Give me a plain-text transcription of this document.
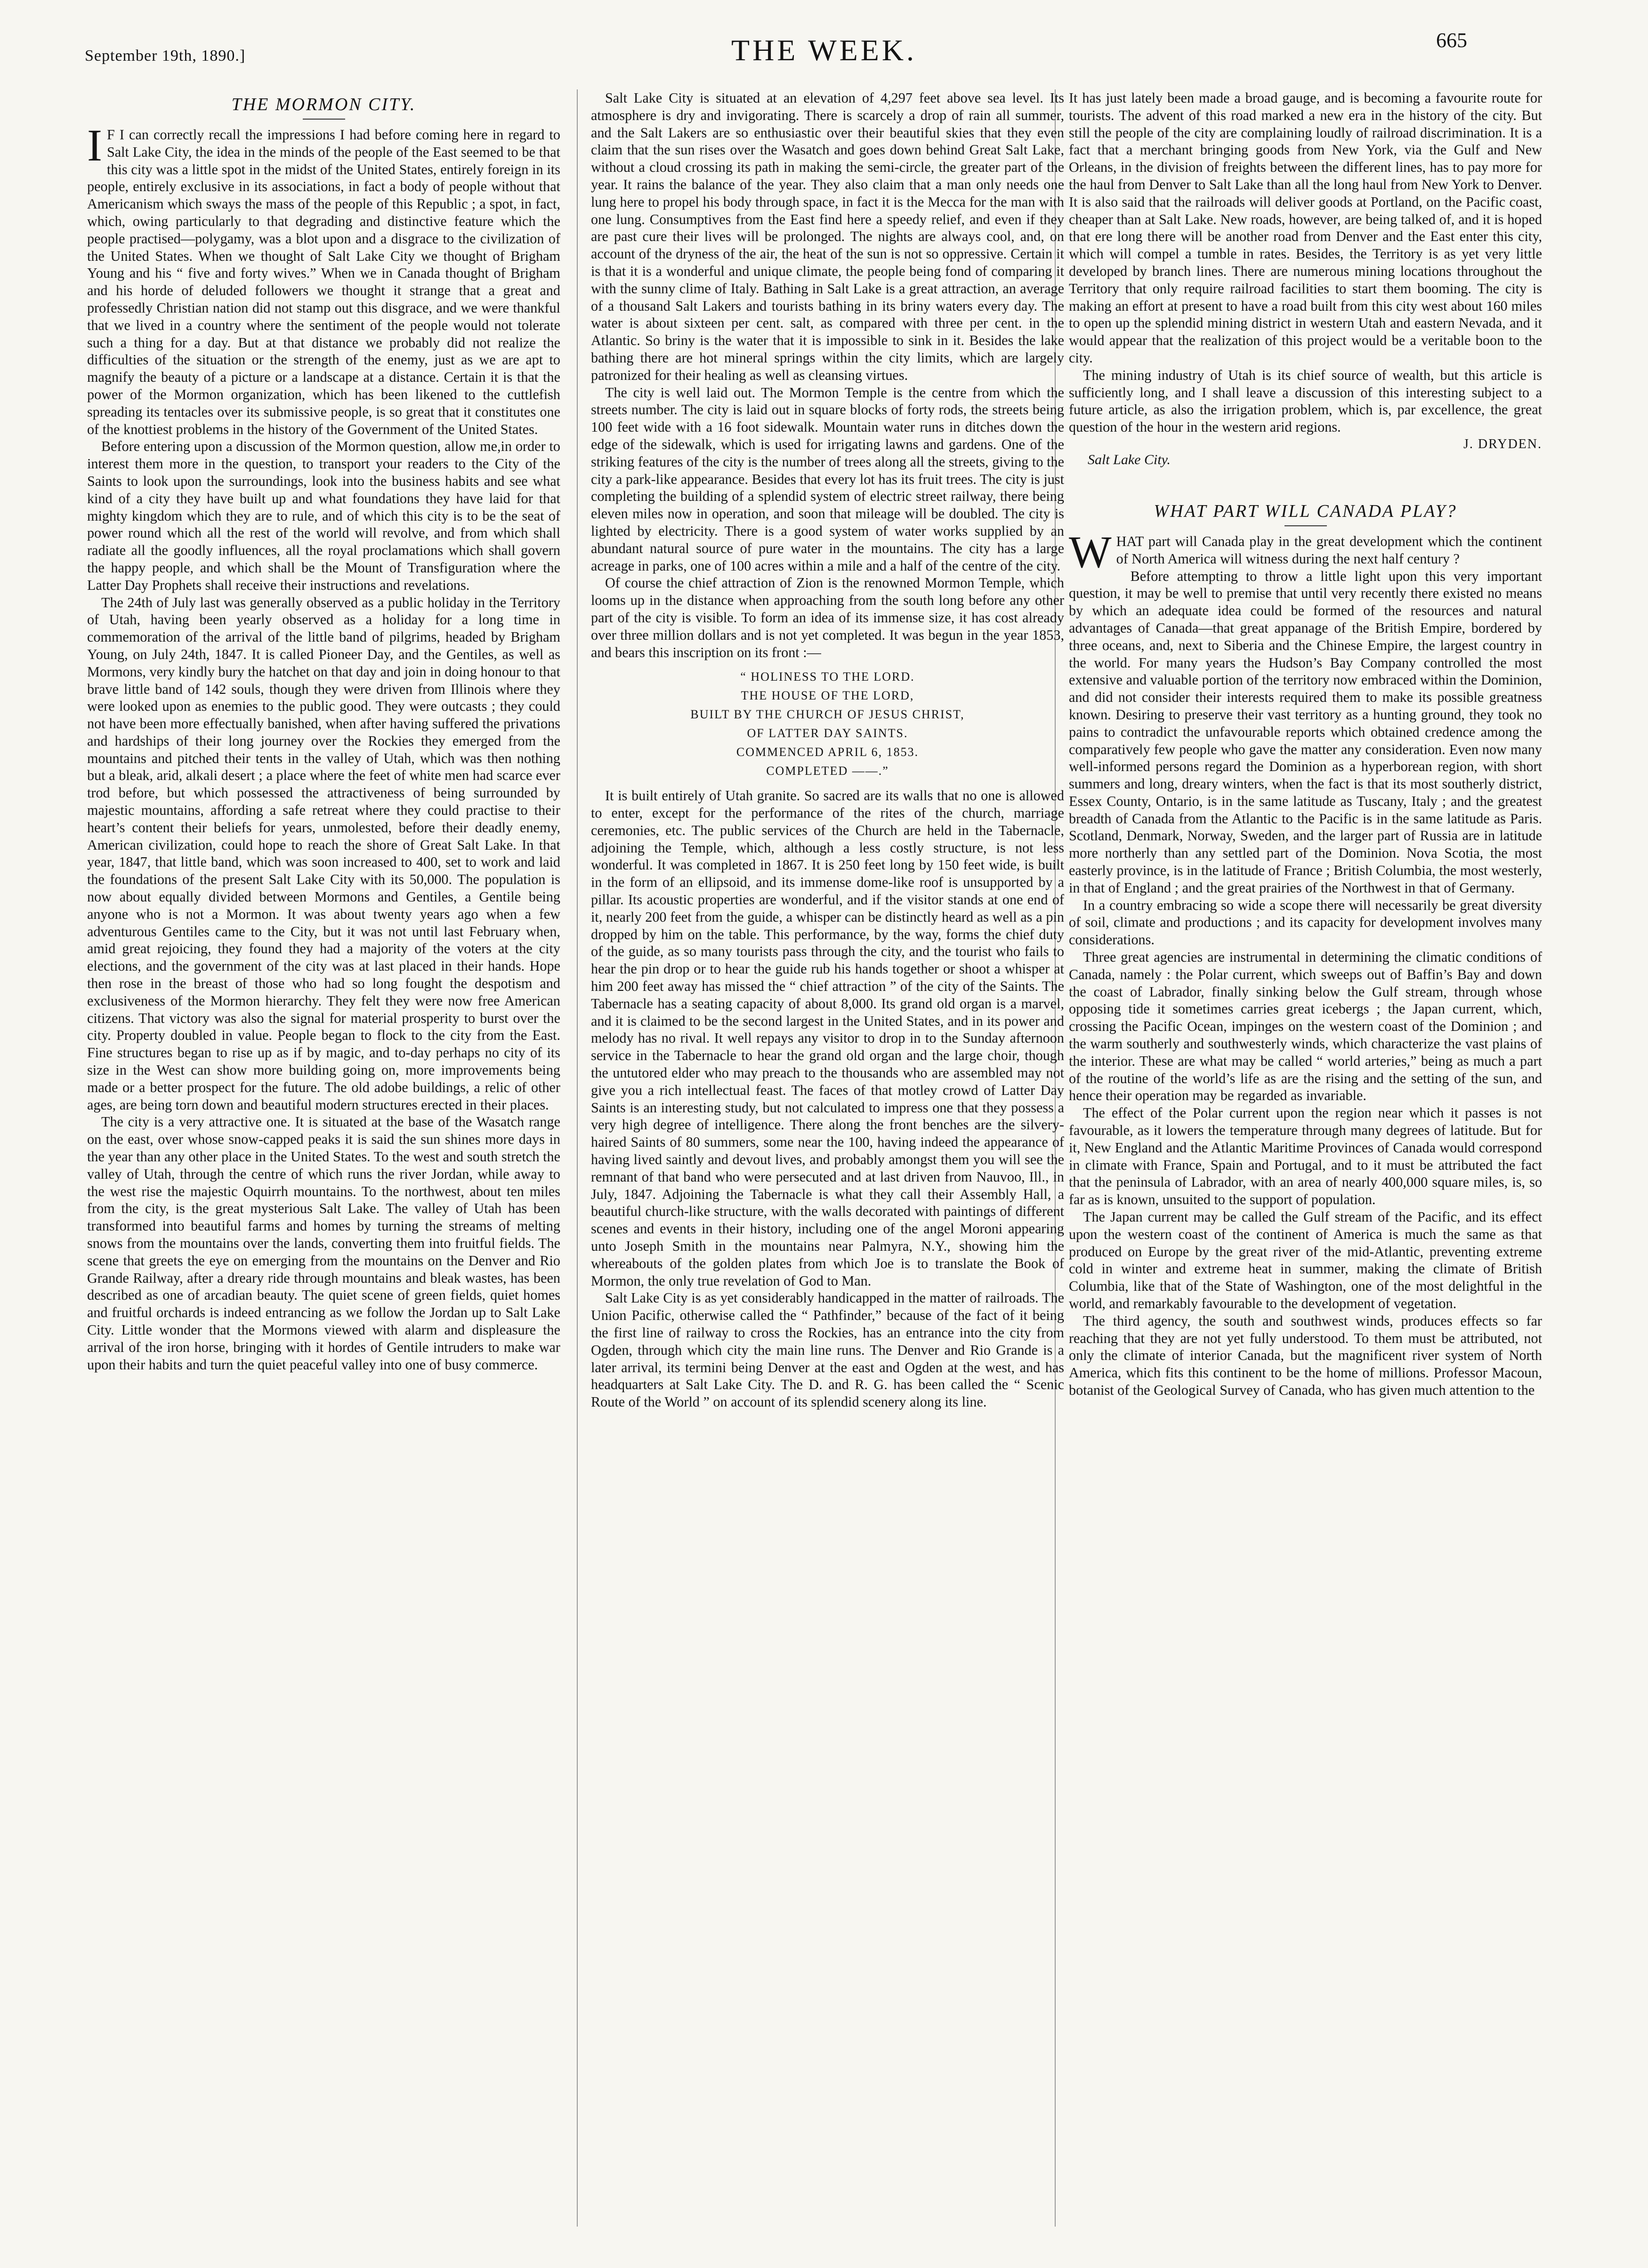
September 19th, 1890.]	THE WEEK.	665
THE MORMON CITY.

I F I can correctly recall the impressions I had before coming here in regard to Salt Lake City, the idea in the minds of the people of the East seemed to be that this city was a little spot in the midst of the United States, entirely foreign in its people, entirely exclusive in its associations, in fact a body of people without that Americanism which sways the mass of the people of this Republic ; a spot, in fact, which, owing particularly to that degrading and distinctive feature which the people practised—polygamy, was a blot upon and a disgrace to the civilization of the United States. When we thought of Salt Lake City we thought of Brigham Young and his “ five and forty wives.” When we in Canada thought of Brigham and his horde of deluded followers we thought it strange that a great and professedly Christian nation did not stamp out this disgrace, and we were thankful that we lived in a country where the sentiment of the people would not tolerate such a thing for a day. But at that distance we probably did not realize the difficulties of the situation or the strength of the enemy, just as we are apt to magnify the beauty of a picture or a landscape at a distance. Certain it is that the power of the Mormon organization, which has been likened to the cuttlefish spreading its tentacles over its submissive people, is so great that it constitutes one of the knottiest problems in the history of the Government of the United States.

Before entering upon a discussion of the Mormon question, allow me,in order to interest them more in the question, to transport your readers to the City of the Saints to look upon the surroundings, look into the business habits and see what kind of a city they have built up and what foundations they have laid for that mighty kingdom which they are to rule, and of which this city is to be the seat of power round which all the rest of the world will revolve, and from which shall radiate all the goodly influences, all the royal proclamations which shall govern the happy people, and which shall be the Mount of Transfiguration where the Latter Day Prophets shall receive their instructions and revelations.

The 24th of July last was generally observed as a public holiday in the Territory of Utah, having been yearly observed as a holiday for a long time in commemoration of the arrival of the little band of pilgrims, headed by Brigham Young, on July 24th, 1847. It is called Pioneer Day, and the Gentiles, as well as Mormons, very kindly bury the hatchet on that day and join in doing honour to that brave little band of 142 souls, though they were driven from Illinois where they were looked upon as enemies to the public good. They were outcasts ; they could not have been more effectually banished, when after having suffered the privations and hardships of their long journey over the Rockies they emerged from the mountains and pitched their tents in the valley of Utah, which was then nothing but a bleak, arid, alkali desert ; a place where the feet of white men had scarce ever trod before, but which possessed the attractiveness of being surrounded by majestic mountains, affording a safe retreat where they could practise to their heart’s content their beliefs for years, unmolested, before their deadly enemy, American civilization, could hope to reach the shore of Great Salt Lake. In that year, 1847, that little band, which was soon increased to 400, set to work and laid the foundations of the present Salt Lake City with its 50,000. The population is now about equally divided between Mormons and Gentiles, a Gentile being anyone who is not a Mormon. It was about twenty years ago when a few adventurous Gentiles came to the City, but it was not until last February when, amid great rejoicing, they found they had a majority of the voters at the city elections, and the government of the city was at last placed in their hands. Hope then rose in the breast of those who had so long fought the despotism and exclusiveness of the Mormon hierarchy. They felt they were now free American citizens. That victory was also the signal for material prosperity to burst over the city. Property doubled in value. People began to flock to the city from the East. Fine structures began to rise up as if by magic, and to-day perhaps no city of its size in the West can show more building going on, more improvements being made or a better prospect for the future. The old adobe buildings, a relic of other ages, are being torn down and beautiful modern structures erected in their places.

The city is a very attractive one. It is situated at the base of the Wasatch range on the east, over whose snow-capped peaks it is said the sun shines more days in the year than any other place in the United States. To the west and south stretch the valley of Utah, through the centre of which runs the river Jordan, while away to the west rise the majestic Oquirrh mountains. To the northwest, about ten miles from the city, is the great mysterious Salt Lake. The valley of Utah has been transformed into beautiful farms and homes by turning the streams of melting snows from the mountains over the lands, converting them into fruitful fields. The scene that greets the eye on emerging from the mountains on the Denver and Rio Grande Railway, after a dreary ride through mountains and bleak wastes, has been described as one of arcadian beauty. The quiet scene of green fields, quiet homes and fruitful orchards is indeed entrancing as we follow the Jordan up to Salt Lake City. Little wonder that the Mormons viewed with alarm and displeasure the arrival of the iron horse, bringing with it hordes of Gentile intruders to make war upon their habits and turn the quiet peaceful valley into one of busy commerce.

Salt Lake City is situated at an elevation of 4,297 feet above sea level. Its atmosphere is dry and invigorating. There is scarcely a drop of rain all summer, and the Salt Lakers are so enthusiastic over their beautiful skies that they even claim that the sun rises over the Wasatch and goes down behind Great Salt Lake, without a cloud crossing its path in making the semi-circle, the greater part of the year. It rains the balance of the year. They also claim that a man only needs one lung here to propel his body through space, in fact it is the Mecca for the man with one lung. Consumptives from the East find here a speedy relief, and even if they are past cure their lives will be prolonged. The nights are always cool, and, on account of the dryness of the air, the heat of the sun is not so oppressive. Certain it is that it is a wonderful and unique climate, the people being fond of comparing it with the sunny clime of Italy. Bathing in Salt Lake is a great attraction, an average of a thousand Salt Lakers and tourists bathing in its briny waters every day. The water is about sixteen per cent. salt, as compared with three per cent. in the Atlantic. So briny is the water that it is impossible to sink in it. Besides the lake bathing there are hot mineral springs within the city limits, which are largely patronized for their healing as well as cleansing virtues.

The city is well laid out. The Mormon Temple is the centre from which the streets number. The city is laid out in square blocks of forty rods, the streets being 100 feet wide with a 16 foot sidewalk. Mountain water runs in ditches down the edge of the sidewalk, which is used for irrigating lawns and gardens. One of the striking features of the city is the number of trees along all the streets, giving to the city a park-like appearance. Besides that every lot has its fruit trees. The city is just completing the building of a splendid system of electric street railway, there being eleven miles now in operation, and soon that mileage will be doubled. The city is lighted by electricity. There is a good system of water works supplied by an abundant natural source of pure water in the mountains. The city has a large acreage in parks, one of 100 acres within a mile and a half of the centre of the city.

Of course the chief attraction of Zion is the renowned Mormon Temple, which looms up in the distance when approaching from the south long before any other part of the city is visible. To form an idea of its immense size, it has cost already over three million dollars and is not yet completed. It was begun in the year 1853, and bears this inscription on its front :—

“ HOLINESS TO THE LORD.
THE HOUSE OF THE LORD,
BUILT BY THE CHURCH OF JESUS CHRIST,
OF LATTER DAY SAINTS.
COMMENCED APRIL 6, 1853.
COMPLETED ——.”

It is built entirely of Utah granite. So sacred are its walls that no one is allowed to enter, except for the performance of the rites of the church, marriage ceremonies, etc. The public services of the Church are held in the Tabernacle, adjoining the Temple, which, although a less costly structure, is not less wonderful. It was completed in 1867. It is 250 feet long by 150 feet wide, is built in the form of an ellipsoid, and its immense dome-like roof is unsupported by a pillar. Its acoustic properties are wonderful, and if the visitor stands at one end of it, nearly 200 feet from the guide, a whisper can be distinctly heard as well as a pin dropped by him on the table. This performance, by the way, forms the chief duty of the guide, as so many tourists pass through the city, and the tourist who fails to hear the pin drop or to hear the guide rub his hands together or shoot a whisper at him 200 feet away has missed the “ chief attraction ” of the city of the Saints. The Tabernacle has a seating capacity of about 8,000. Its grand old organ is a marvel, and it is claimed to be the second largest in the United States, and in its power and melody has no rival. It well repays any visitor to drop in to the Sunday afternoon service in the Tabernacle to hear the grand old organ and the large choir, though the untutored elder who may preach to the thousands who are assembled may not give you a rich intellectual feast. The faces of that motley crowd of Latter Day Saints is an interesting study, but not calculated to impress one that they possess a very high degree of intelligence. There along the front benches are the silvery-haired Saints of 80 summers, some near the 100, having indeed the appearance of having lived saintly and devout lives, and probably amongst them you will see the remnant of that band who were persecuted and at last driven from Nauvoo, Ill., in July, 1847. Adjoining the Tabernacle is what they call their Assembly Hall, a beautiful church-like structure, with the walls decorated with paintings of different scenes and events in their history, including one of the angel Moroni appearing unto Joseph Smith in the mountains near Palmyra, N.Y., showing him the whereabouts of the golden plates from which Joe is to translate the Book of Mormon, the only true revelation of God to Man.

Salt Lake City is as yet considerably handicapped in the matter of railroads. The Union Pacific, otherwise called the “ Pathfinder,” because of the fact of it being the first line of railway to cross the Rockies, has an entrance into the city from Ogden, through which city the main line runs. The Denver and Rio Grande is a later arrival, its termini being Denver at the east and Ogden at the west, and has headquarters at Salt Lake City. The D. and R. G. has been called the “ Scenic Route of the World ” on account of its splendid scenery along its line.

It has just lately been made a broad gauge, and is becoming a favourite route for tourists. The advent of this road marked a new era in the history of the city. But still the people of the city are complaining loudly of railroad discrimination. It is a fact that a merchant bringing goods from New York, via the Gulf and New Orleans, in the division of freights between the different lines, has to pay more for the haul from Denver to Salt Lake than all the long haul from New York to Denver. It is also said that the railroads will deliver goods at Portland, on the Pacific coast, cheaper than at Salt Lake. New roads, however, are being talked of, and it is hoped that ere long there will be another road from Denver and the East enter this city, which will compel a tumble in rates. Besides, the Territory is as yet very little developed by branch lines. There are numerous mining locations throughout the Territory that only require railroad facilities to start them booming. The city is making an effort at present to have a road built from this city west about 160 miles to open up the splendid mining district in western Utah and eastern Nevada, and it would appear that the realization of this project would be a veritable boon to the city.

The mining industry of Utah is its chief source of wealth, but this article is sufficiently long, and I shall leave a discussion of this interesting subject to a future article, as also the irrigation problem, which is, par excellence, the great question of the hour in the western arid regions.

J. DRYDEN.
Salt Lake City.
WHAT PART WILL CANADA PLAY?

WHAT part will Canada play in the great development which the continent of North America will witness during the next half century ?

Before attempting to throw a little light upon this very important question, it may be well to premise that until very recently there existed no means by which an adequate idea could be formed of the resources and natural advantages of Canada—that great appanage of the British Empire, bordered by three oceans, and, next to Siberia and the Chinese Empire, the largest country in the world. For many years the Hudson’s Bay Company controlled the most extensive and valuable portion of the territory now embraced within the Dominion, and did not consider their interests required them to make its possible greatness known. Desiring to preserve their vast territory as a hunting ground, they took no pains to contradict the unfavourable reports which obtained credence among the comparatively few people who gave the matter any consideration. Even now many well-informed persons regard the Dominion as a hyperborean region, with short summers and long, dreary winters, when the fact is that its most southerly district, Essex County, Ontario, is in the same latitude as Tuscany, Italy ; and the greatest breadth of Canada from the Atlantic to the Pacific is in the same latitude as Paris. Scotland, Denmark, Norway, Sweden, and the larger part of Russia are in latitude more northerly than any settled part of the Dominion. Nova Scotia, the most easterly province, is in the latitude of France ; British Columbia, the most westerly, in that of England ; and the great prairies of the Northwest in that of Germany.

In a country embracing so wide a scope there will necessarily be great diversity of soil, climate and productions ; and its capacity for development involves many considerations.

Three great agencies are instrumental in determining the climatic conditions of Canada, namely : the Polar current, which sweeps out of Baffin’s Bay and down the coast of Labrador, finally sinking below the Gulf stream, through whose opposing tide it sometimes carries great icebergs ; the Japan current, which, crossing the Pacific Ocean, impinges on the western coast of the Dominion ; and the warm southerly and southwesterly winds, which characterize the vast plains of the interior. These are what may be called “ world arteries,” being as much a part of the routine of the world’s life as are the rising and the setting of the sun, and hence their operation may be regarded as invariable.

The effect of the Polar current upon the region near which it passes is not favourable, as it lowers the temperature through many degrees of latitude. But for it, New England and the Atlantic Maritime Provinces of Canada would correspond in climate with France, Spain and Portugal, and to it must be attributed the fact that the peninsula of Labrador, with an area of nearly 400,000 square miles, is, so far as is known, unsuited to the support of population.

The Japan current may be called the Gulf stream of the Pacific, and its effect upon the western coast of the continent of America is much the same as that produced on Europe by the great river of the mid-Atlantic, preventing extreme cold in winter and extreme heat in summer, making the climate of British Columbia, like that of the State of Washington, one of the most delightful in the world, and remarkably favourable to the development of vegetation.

The third agency, the south and southwest winds, produces effects so far reaching that they are not yet fully understood. To them must be attributed, not only the climate of interior Canada, but the magnificent river system of North America, which fits this continent to be the home of millions. Professor Macoun, botanist of the Geological Survey of Canada, who has given much attention to the
